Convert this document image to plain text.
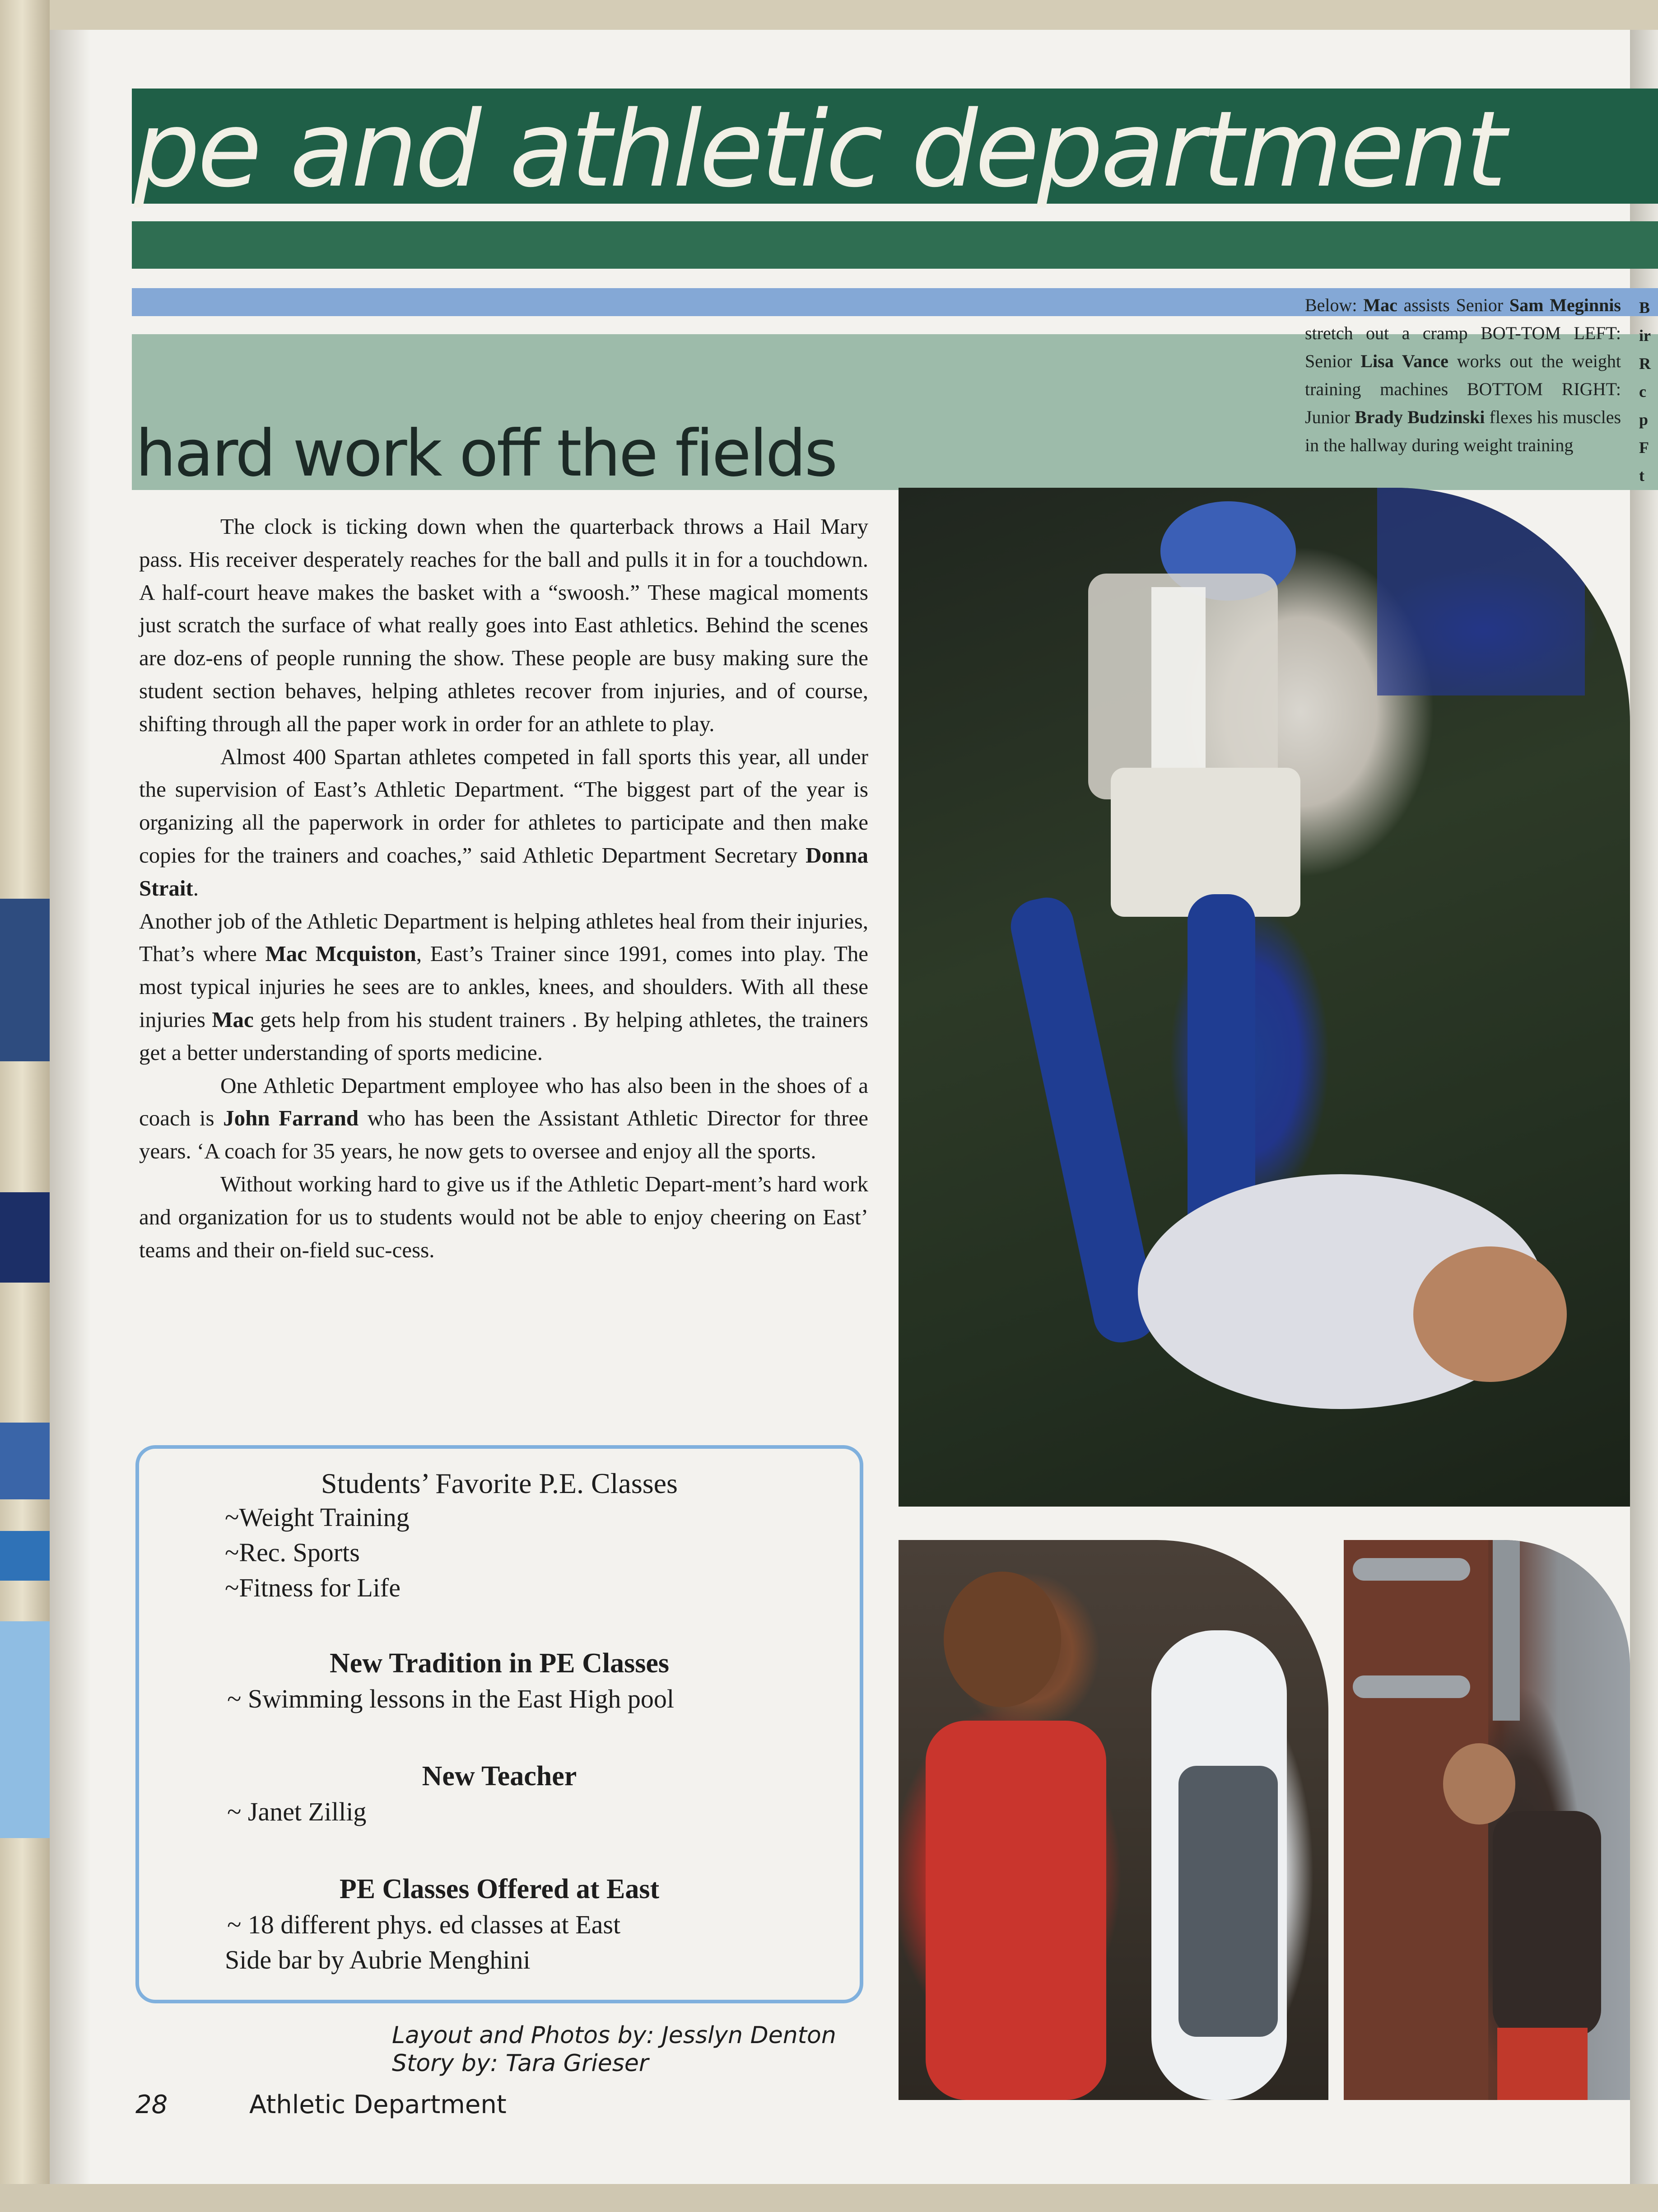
pe and athletic department
hard work off the fields
Below: Mac assists Senior Sam Meginnis stretch out a cramp BOT-TOM LEFT: Senior Lisa Vance works out the weight training machines BOTTOM RIGHT: Junior Brady Budzinski flexes his muscles in the hallway during weight training
B
ir
R
c
p
F
t

The clock is ticking down when the quarterback throws a Hail Mary pass. His receiver desperately reaches for the ball and pulls it in for a touchdown. A half-court heave makes the basket with a “swoosh.” These magical moments just scratch the surface of what really goes into East athletics. Behind the scenes are doz-ens of people running the show. These people are busy making sure the student section behaves, helping athletes recover from injuries, and of course, shifting through all the paper work in order for an athlete to play.

Almost 400 Spartan athletes competed in fall sports this year, all under the supervision of East’s Athletic Department. “The biggest part of the year is organizing all the paperwork in order for athletes to participate and then make copies for the trainers and coaches,” said Athletic Department Secretary Donna Strait.

Another job of the Athletic Department is helping athletes heal from their injuries, That’s where Mac Mcquiston, East’s Trainer since 1991, comes into play. The most typical injuries he sees are to ankles, knees, and shoulders. With all these injuries Mac gets help from his student trainers . By helping athletes, the trainers get a better understanding of sports medicine.

One Athletic Department employee who has also been in the shoes of a coach is John Farrand who has been the Assistant Athletic Director for three years. ‘A coach for 35 years, he now gets to oversee and enjoy all the sports.

Without working hard to give us if the Athletic Depart-ment’s hard work and organization for us to students would not be able to enjoy cheering on East’ teams and their on-field suc-cess.

Students’ Favorite P.E. Classes
~Weight Training
~Rec. Sports
~Fitness for Life
New Tradition in PE Classes
~ Swimming lessons in the East High pool
New Teacher
~ Janet Zillig
PE Classes Offered at East
~ 18 different phys. ed classes at East
Side bar by Aubrie Menghini
Layout and Photos by: Jesslyn Denton
Story by: Tara Grieser
28	Athletic Department
